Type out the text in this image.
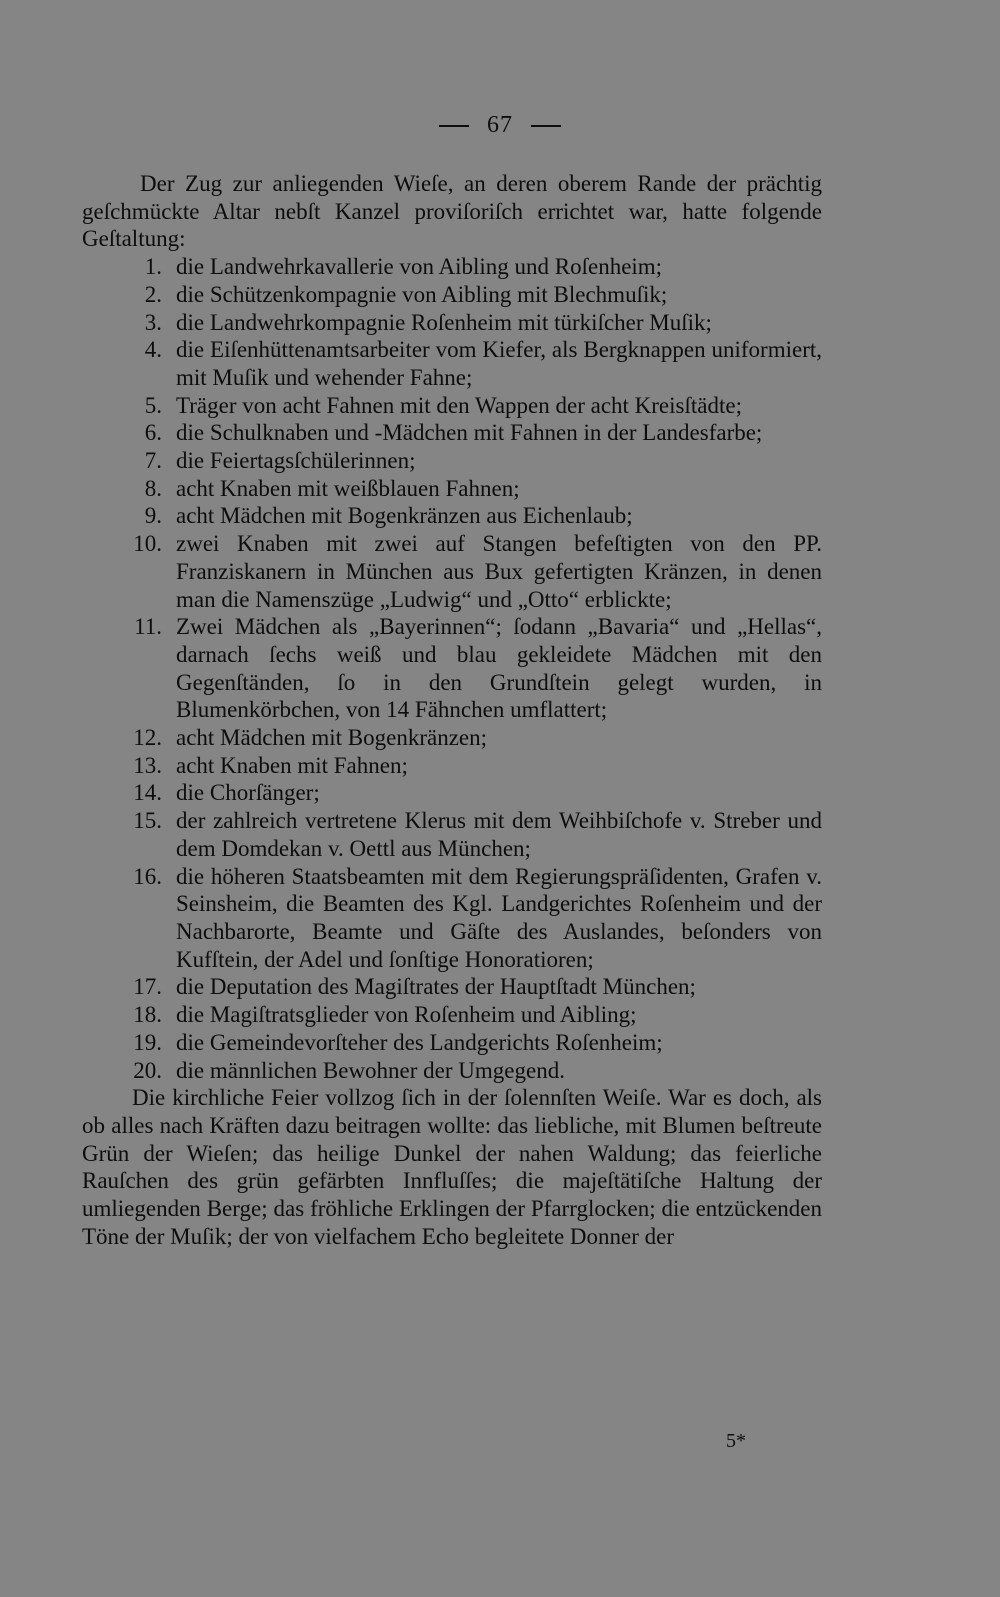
67

Der Zug zur anliegenden Wieſe, an deren oberem Rande der prächtig geſchmückte Altar nebſt Kanzel proviſoriſch errichtet war, hatte folgende Geſtaltung:

1. die Landwehrkavallerie von Aibling und Roſenheim;
2. die Schützenkompagnie von Aibling mit Blechmuſik;
3. die Landwehrkompagnie Roſenheim mit türkiſcher Muſik;
4. die Eiſenhüttenamtsarbeiter vom Kiefer, als Bergknappen uniformiert, mit Muſik und wehender Fahne;
5. Träger von acht Fahnen mit den Wappen der acht Kreisſtädte;
6. die Schulknaben und -Mädchen mit Fahnen in der Landesfarbe;
7. die Feiertagsſchülerinnen;
8. acht Knaben mit weißblauen Fahnen;
9. acht Mädchen mit Bogenkränzen aus Eichenlaub;
10. zwei Knaben mit zwei auf Stangen befeſtigten von den PP. Franziskanern in München aus Bux gefertigten Kränzen, in denen man die Namenszüge „Ludwig“ und „Otto“ erblickte;
11. Zwei Mädchen als „Bayerinnen“; ſodann „Bavaria“ und „Hellas“, darnach ſechs weiß und blau gekleidete Mädchen mit den Gegenſtänden, ſo in den Grundſtein gelegt wurden, in Blumenkörbchen, von 14 Fähnchen umflattert;
12. acht Mädchen mit Bogenkränzen;
13. acht Knaben mit Fahnen;
14. die Chorſänger;
15. der zahlreich vertretene Klerus mit dem Weihbiſchofe v. Streber und dem Domdekan v. Oettl aus München;
16. die höheren Staatsbeamten mit dem Regierungspräſidenten, Grafen v. Seinsheim, die Beamten des Kgl. Landgerichtes Roſenheim und der Nachbarorte, Beamte und Gäſte des Auslandes, beſonders von Kufſtein, der Adel und ſonſtige Honoratioren;
17. die Deputation des Magiſtrates der Hauptſtadt München;
18. die Magiſtratsglieder von Roſenheim und Aibling;
19. die Gemeindevorſteher des Landgerichts Roſenheim;
20. die männlichen Bewohner der Umgegend.

Die kirchliche Feier vollzog ſich in der ſolennſten Weiſe. War es doch, als ob alles nach Kräften dazu beitragen wollte: das liebliche, mit Blumen beſtreute Grün der Wieſen; das heilige Dunkel der nahen Waldung; das feierliche Rauſchen des grün gefärbten Innfluſſes; die majeſtätiſche Haltung der umliegenden Berge; das fröhliche Erklingen der Pfarrglocken; die entzückenden Töne der Muſik; der von vielfachem Echo begleitete Donner der

5*
